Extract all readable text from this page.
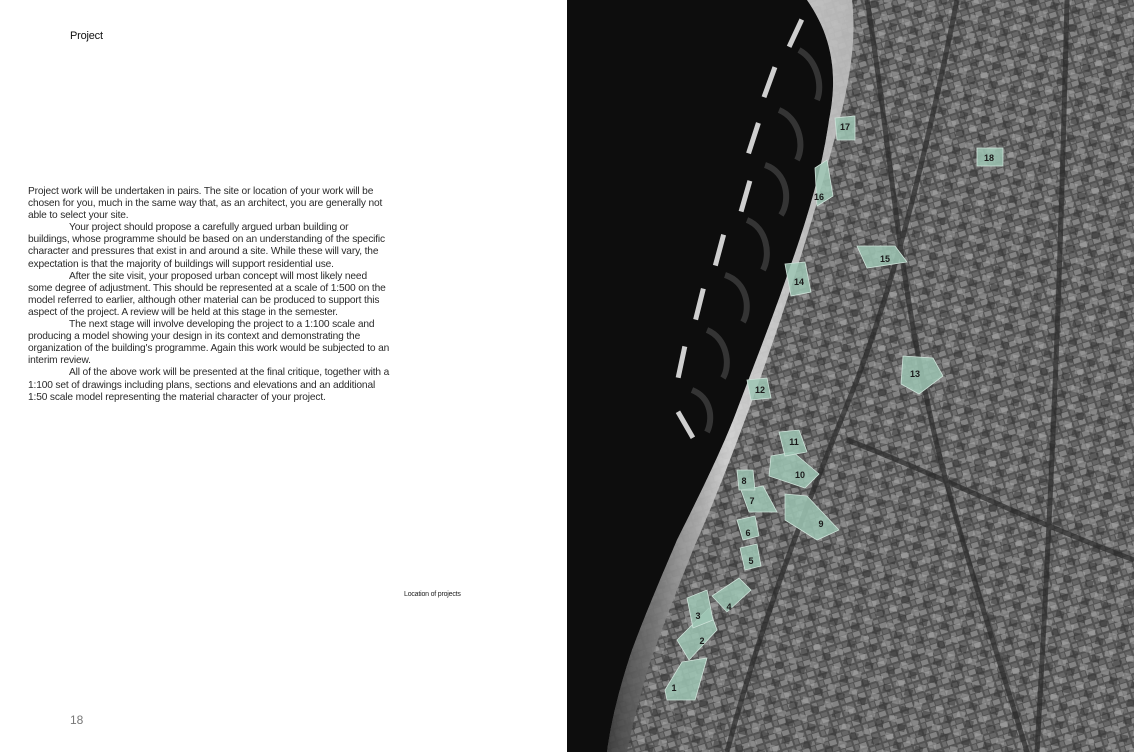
Project

Project work will be undertaken in pairs. The site or location of your work will be chosen for you, much in the same way that, as an architect, you are generally not able to select your site.

Your project should propose a carefully argued urban building or buildings, whose programme should be based on an understanding of the specific character and pressures that exist in and around a site. While these will vary, the expectation is that the majority of buildings will support residential use.

After the site visit, your proposed urban concept will most likely need some degree of adjustment. This should be represented at a scale of 1:500 on the model referred to earlier, although other material can be produced to support this aspect of the project. A review will be held at this stage in the semester.

The next stage will involve developing the project to a 1:100 scale and producing a model showing your design in its context and demonstrating the organization of the building's programme. Again this work would be subjected to an interim review.

All of the above work will be presented at the final critique, together with a 1:100 set of drawings including plans, sections and elevations and an additional 1:50 scale model representing the material character of your project.

Location of projects
18
1
2
3
4
5
6
7
8
9
10
11
12
13
14
15
16
17
18
